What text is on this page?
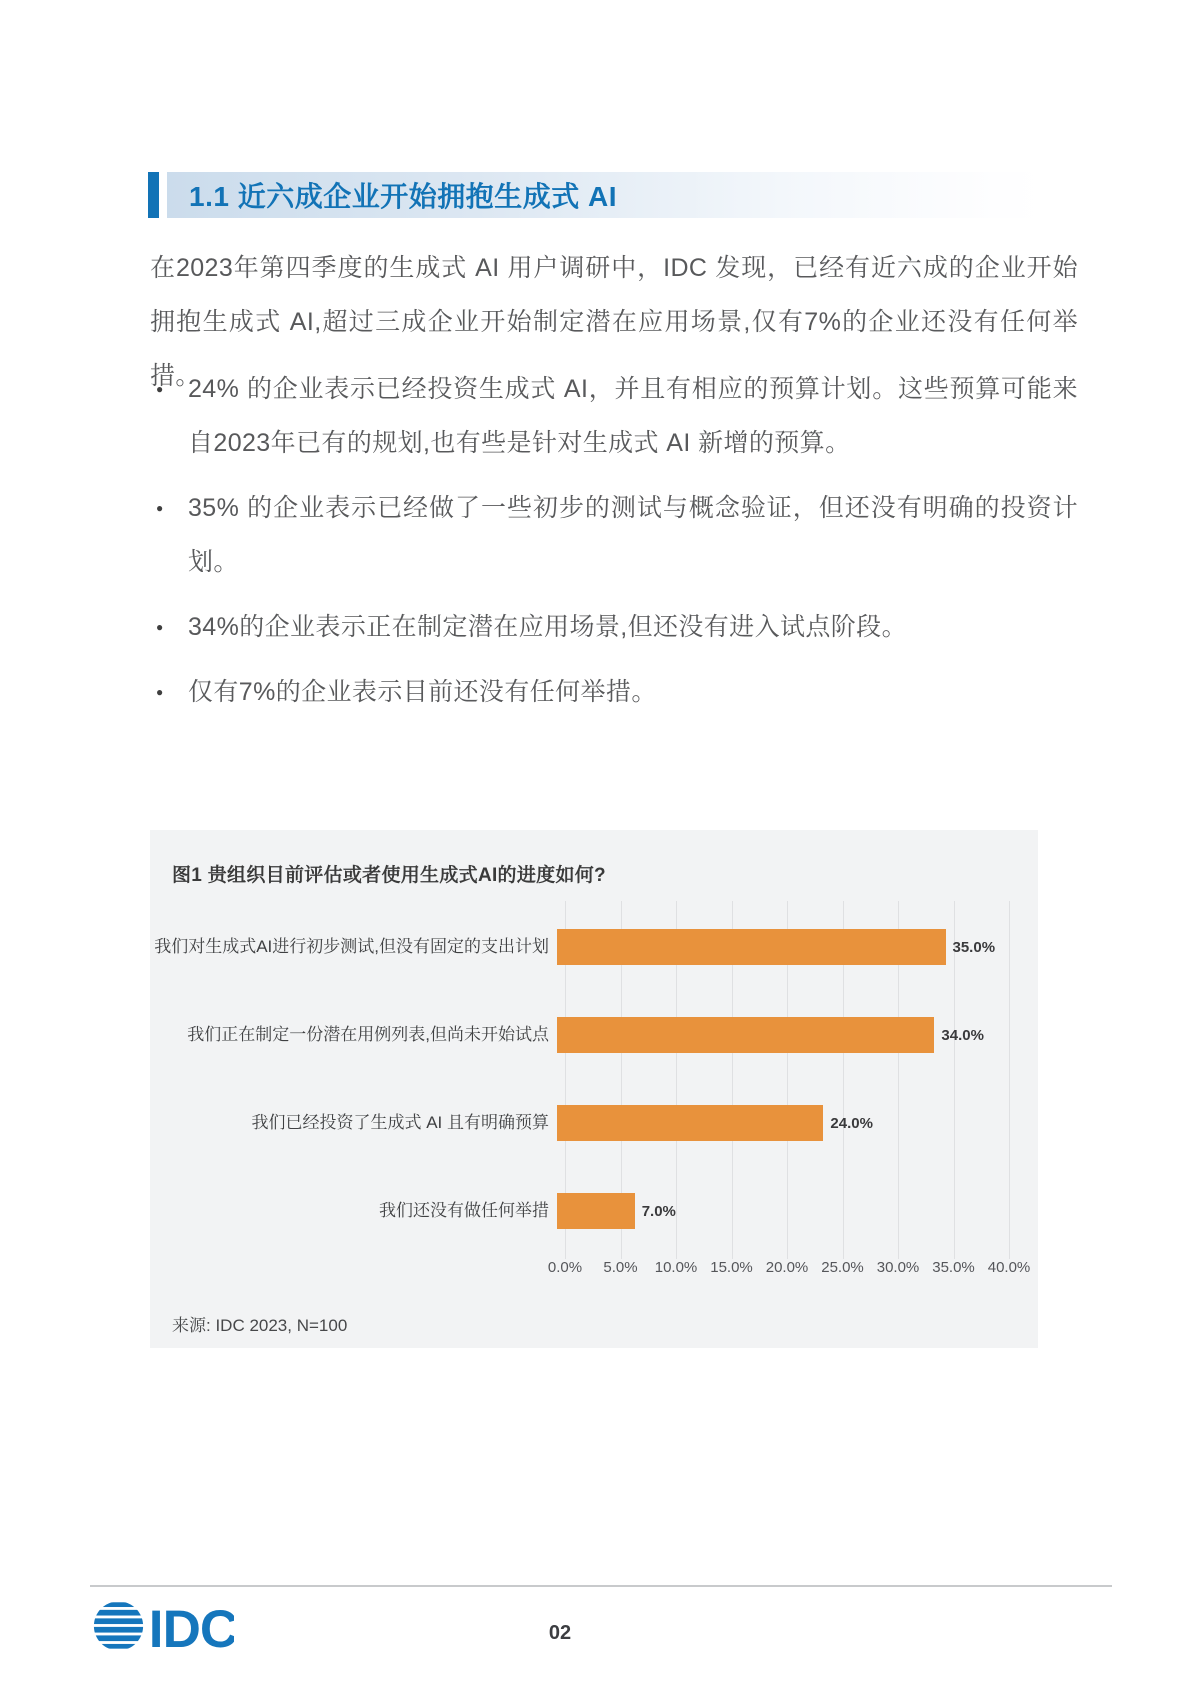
1.1 近六成企业开始拥抱生成式 AI

在2023年第四季度的生成式 AI 用户调研中，IDC 发现，已经有近六成的企业开始拥抱生成式 AI,超过三成企业开始制定潜在应用场景,仅有7%的企业还没有任何举措。

● 24% 的企业表示已经投资生成式 AI，并且有相应的预算计划。这些预算可能来自2023年已有的规划,也有些是针对生成式 AI 新增的预算。
● 35% 的企业表示已经做了一些初步的测试与概念验证，但还没有明确的投资计划。
● 34%的企业表示正在制定潜在应用场景,但还没有进入试点阶段。
● 仅有7%的企业表示目前还没有任何举措。
图1 贵组织目前评估或者使用生成式AI的进度如何?
我们对生成式AI进行初步测试,但没有固定的支出计划	35.0%
我们正在制定一份潜在用例列表,但尚未开始试点	34.0%
我们已经投资了生成式 AI 且有明确预算	24.0%
我们还没有做任何举措	7.0%
0.0% 5.0% 10.0% 15.0% 20.0% 25.0% 30.0% 35.0% 40.0%
来源: IDC 2023, N=100
IDC	02
